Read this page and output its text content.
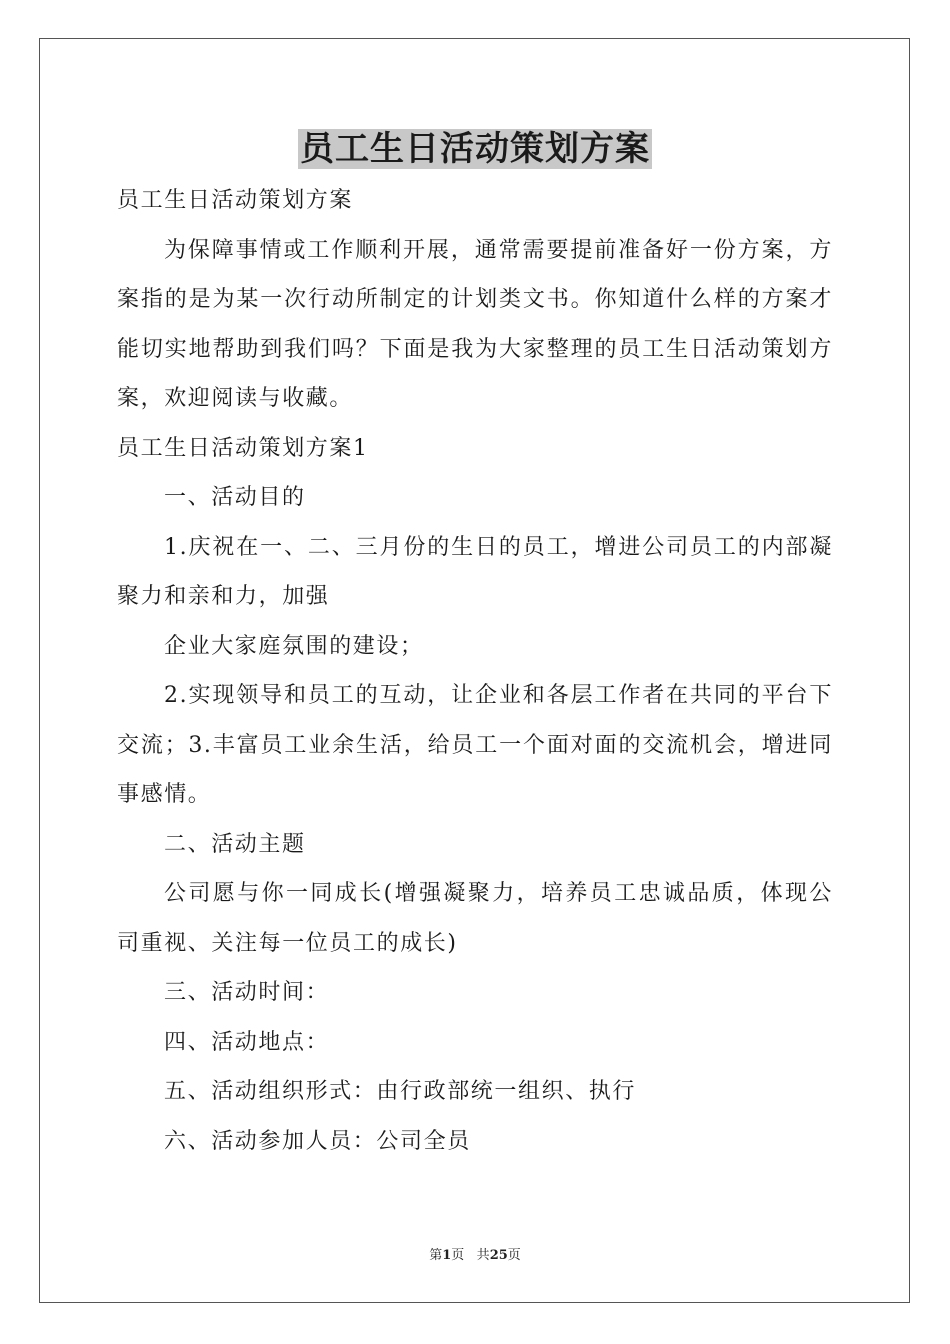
员工生日活动策划方案

员工生日活动策划方案

为保障事情或工作顺利开展，通常需要提前准备好一份方案，方案指的是为某一次行动所制定的计划类文书。你知道什么样的方案才能切实地帮助到我们吗？下面是我为大家整理的员工生日活动策划方案，欢迎阅读与收藏。

员工生日活动策划方案1

一、活动目的

1.庆祝在一、二、三月份的生日的员工，增进公司员工的内部凝聚力和亲和力，加强

企业大家庭氛围的建设；

2.实现领导和员工的互动，让企业和各层工作者在共同的平台下交流；3.丰富员工业余生活，给员工一个面对面的交流机会，增进同事感情。

二、活动主题

公司愿与你一同成长(增强凝聚力，培养员工忠诚品质，体现公司重视、关注每一位员工的成长)

三、活动时间：

四、活动地点：

五、活动组织形式：由行政部统一组织、执行

六、活动参加人员：公司全员

第1页 共25页
